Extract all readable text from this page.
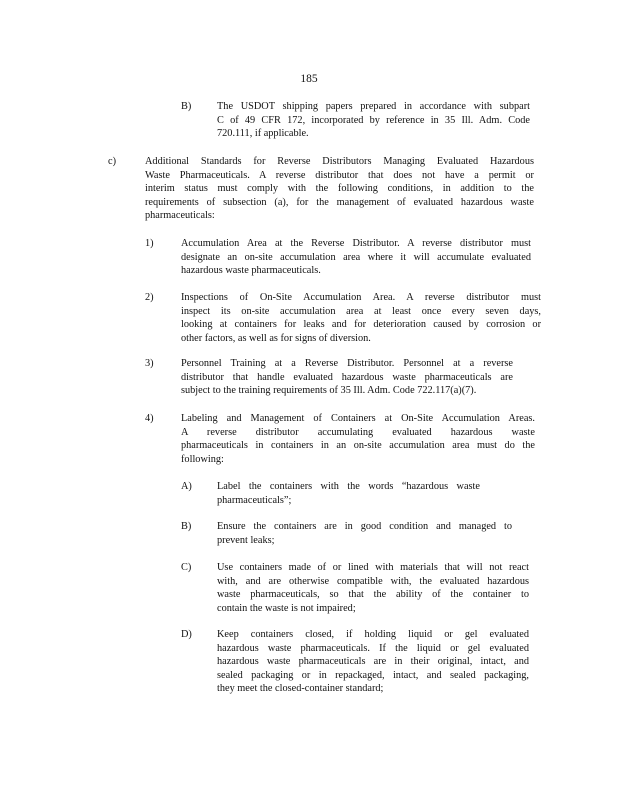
185
B) The USDOT shipping papers prepared in accordance with subpart
C of 49 CFR 172, incorporated by reference in 35 Ill. Adm. Code
720.111, if applicable.
c)	Additional Standards for Reverse Distributors Managing Evaluated Hazardous
Waste Pharmaceuticals. A reverse distributor that does not have a permit or
interim status must comply with the following conditions, in addition to the
requirements of subsection (a), for the management of evaluated hazardous waste
pharmaceuticals:
1)	Accumulation Area at the Reverse Distributor. A reverse distributor must
designate an on-site accumulation area where it will accumulate evaluated
hazardous waste pharmaceuticals.
2)	Inspections of On-Site Accumulation Area. A reverse distributor must
inspect its on-site accumulation area at least once every seven days,
looking at containers for leaks and for deterioration caused by corrosion or
other factors, as well as for signs of diversion.
3)	Personnel Training at a Reverse Distributor. Personnel at a reverse
distributor that handle evaluated hazardous waste pharmaceuticals are
subject to the training requirements of 35 Ill. Adm. Code 722.117(a)(7).
4)	Labeling and Management of Containers at On-Site Accumulation Areas.
A reverse distributor accumulating evaluated hazardous waste
pharmaceuticals in containers in an on-site accumulation area must do the
following:
A) Label the containers with the words “hazardous waste
pharmaceuticals”;
B) Ensure the containers are in good condition and managed to
prevent leaks;
C) Use containers made of or lined with materials that will not react
with, and are otherwise compatible with, the evaluated hazardous
waste pharmaceuticals, so that the ability of the container to
contain the waste is not impaired;
D) Keep containers closed, if holding liquid or gel evaluated
hazardous waste pharmaceuticals. If the liquid or gel evaluated
hazardous waste pharmaceuticals are in their original, intact, and
sealed packaging or in repackaged, intact, and sealed packaging,
they meet the closed-container standard;
